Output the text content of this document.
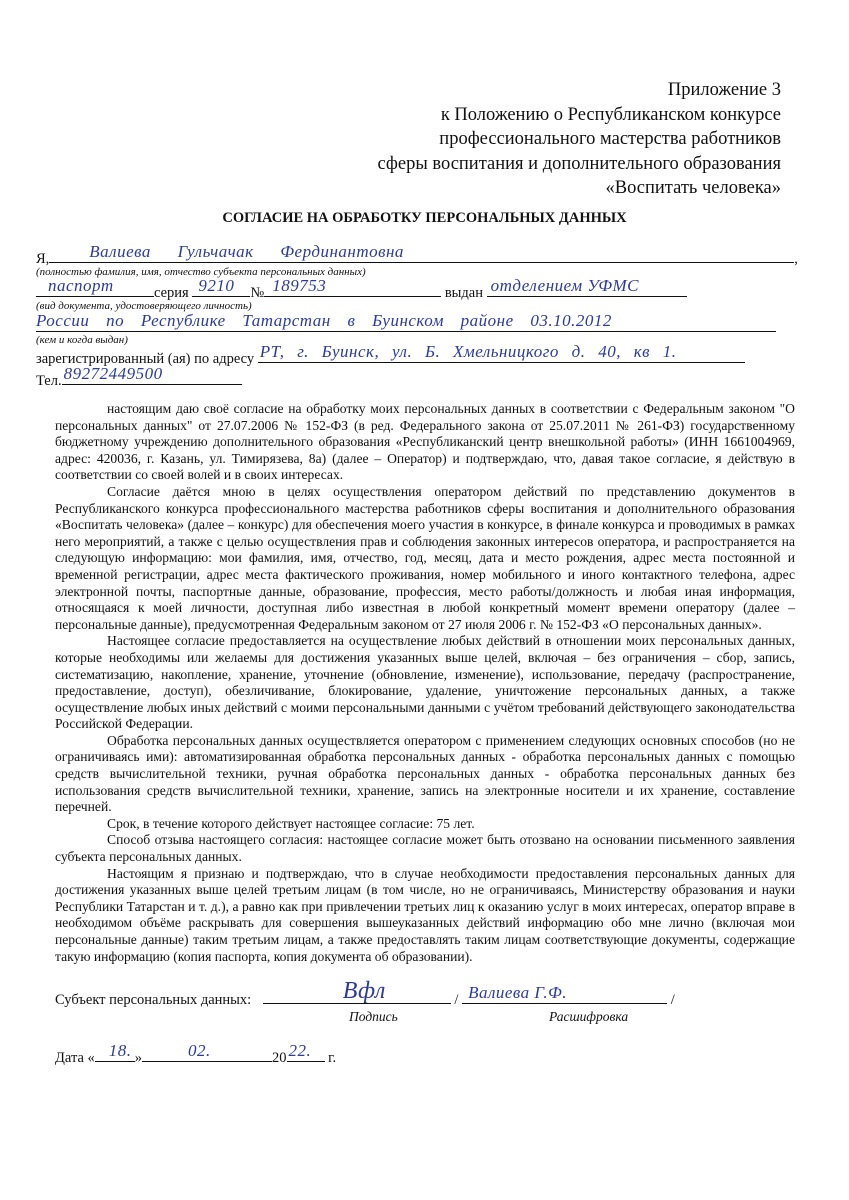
Приложение 3
к Положению о Республиканском конкурсе
профессионального мастерства работников
сферы воспитания и дополнительного образования
«Воспитать человека»
СОГЛАСИЕ НА ОБРАБОТКУ ПЕРСОНАЛЬНЫХ ДАННЫХ
Я, Валиева Гульчачак Фердинантовна	,
(полностью фамилия, имя, отчество субъекта персональных данных)
паспорт	серия 9210 № 189753	выдан отделением УФМС
(вид документа, удостоверяющего личность)
России по Республике Татарстан в Буинском районе 03.10.2012
(кем и когда выдан)
зарегистрированный (ая) по адресу РТ, г. Буинск, ул. Б. Хмельницкого д. 40, кв 1.
Тел. 89272449500

настоящим даю своё согласие на обработку моих персональных данных в соответствии с Федеральным законом "О персональных данных" от 27.07.2006 № 152-ФЗ (в ред. Федерального закона от 25.07.2011 № 261-ФЗ) государственному бюджетному учреждению дополнительного образования «Республиканский центр внешкольной работы» (ИНН 1661004969, адрес: 420036, г. Казань, ул. Тимирязева, 8а) (далее – Оператор) и подтверждаю, что, давая такое согласие, я действую в соответствии со своей волей и в своих интересах.

Согласие даётся мною в целях осуществления оператором действий по представлению документов в Республиканского конкурса профессионального мастерства работников сферы воспитания и дополнительного образования «Воспитать человека» (далее – конкурс) для обеспечения моего участия в конкурсе, в финале конкурса и проводимых в рамках него мероприятий, а также с целью осуществления прав и соблюдения законных интересов оператора, и распространяется на следующую информацию: мои фамилия, имя, отчество, год, месяц, дата и место рождения, адрес места постоянной и временной регистрации, адрес места фактического проживания, номер мобильного и иного контактного телефона, адрес электронной почты, паспортные данные, образование, профессия, место работы/должность и любая иная информация, относящаяся к моей личности, доступная либо известная в любой конкретный момент времени оператору (далее – персональные данные), предусмотренная Федеральным законом от 27 июля 2006 г. № 152-ФЗ «О персональных данных».

Настоящее согласие предоставляется на осуществление любых действий в отношении моих персональных данных, которые необходимы или желаемы для достижения указанных выше целей, включая – без ограничения – сбор, запись, систематизацию, накопление, хранение, уточнение (обновление, изменение), использование, передачу (распространение, предоставление, доступ), обезличивание, блокирование, удаление, уничтожение персональных данных, а также осуществление любых иных действий с моими персональными данными с учётом требований действующего законодательства Российской Федерации.

Обработка персональных данных осуществляется оператором с применением следующих основных способов (но не ограничиваясь ими): автоматизированная обработка персональных данных - обработка персональных данных с помощью средств вычислительной техники, ручная обработка персональных данных - обработка персональных данных без использования средств вычислительной техники, хранение, запись на электронные носители и их хранение, составление перечней.

Срок, в течение которого действует настоящее согласие: 75 лет.

Способ отзыва настоящего согласия: настоящее согласие может быть отозвано на основании письменного заявления субъекта персональных данных.

Настоящим я признаю и подтверждаю, что в случае необходимости предоставления персональных данных для достижения указанных выше целей третьим лицам (в том числе, но не ограничиваясь, Министерству образования и науки Республики Татарстан и т. д.), а равно как при привлечении третьих лиц к оказанию услуг в моих интересах, оператор вправе в необходимом объёме раскрывать для совершения вышеуказанных действий информацию обо мне лично (включая мои персональные данные) таким третьим лицам, а также предоставлять таким лицам соответствующие документы, содержащие такую информацию (копия паспорта, копия документа об образовании).

Субъект персональных данных:	Вфл	/ Валиева Г.Ф.	/
Подпись	Расшифровка
Дата « 18. »	02.	20 22. г.
